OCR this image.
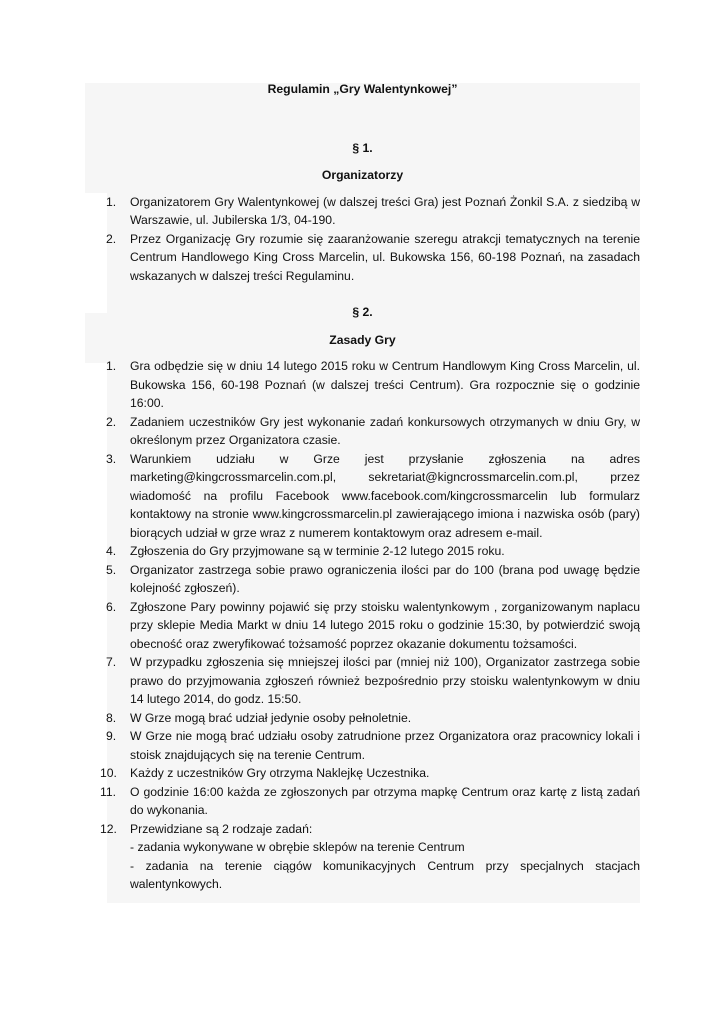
Regulamin „Gry Walentynkowej”
§ 1.
Organizatorzy
1. Organizatorem Gry Walentynkowej (w dalszej treści Gra) jest Poznań Żonkil S.A. z siedzibą w Warszawie, ul. Jubilerska 1/3, 04-190.
2. Przez Organizację Gry rozumie się zaaranżowanie szeregu atrakcji tematycznych na terenie Centrum Handlowego King Cross Marcelin, ul. Bukowska 156, 60-198 Poznań, na zasadach wskazanych w dalszej treści Regulaminu.
§ 2.
Zasady Gry
1. Gra odbędzie się w dniu 14 lutego 2015 roku w Centrum Handlowym King Cross Marcelin, ul. Bukowska 156, 60-198 Poznań (w dalszej treści Centrum). Gra rozpocznie się o godzinie 16:00.
2. Zadaniem uczestników Gry jest wykonanie zadań konkursowych otrzymanych w dniu Gry, w określonym przez Organizatora czasie.
3. Warunkiem udziału w Grze jest przysłanie zgłoszenia na adres marketing@kingcrossmarcelin.com.pl, sekretariat@kigncrossmarcelin.com.pl, przez wiadomość na profilu Facebook www.facebook.com/kingcrossmarcelin lub formularz kontaktowy na stronie www.kingcrossmarcelin.pl zawierającego imiona i nazwiska osób (pary) biorących udział w grze wraz z numerem kontaktowym oraz adresem e-mail.
4. Zgłoszenia do Gry przyjmowane są w terminie 2-12 lutego 2015 roku.
5. Organizator zastrzega sobie prawo ograniczenia ilości par do 100 (brana pod uwagę będzie kolejność zgłoszeń).
6. Zgłoszone Pary powinny pojawić się przy stoisku walentynkowym , zorganizowanym naplacu przy sklepie Media Markt w dniu 14 lutego 2015 roku o godzinie 15:30, by potwierdzić swoją obecność oraz zweryfikować tożsamość poprzez okazanie dokumentu tożsamości.
7. W przypadku zgłoszenia się mniejszej ilości par (mniej niż 100), Organizator zastrzega sobie prawo do przyjmowania zgłoszeń również bezpośrednio przy stoisku walentynkowym w dniu 14 lutego 2014, do godz. 15:50.
8. W Grze mogą brać udział jedynie osoby pełnoletnie.
9. W Grze nie mogą brać udziału osoby zatrudnione przez Organizatora oraz pracownicy lokali i stoisk znajdujących się na terenie Centrum.
10. Każdy z uczestników Gry otrzyma Naklejkę Uczestnika.
11. O godzinie 16:00 każda ze zgłoszonych par otrzyma mapkę Centrum oraz kartę z listą zadań do wykonania.
12. Przewidziane są 2 rodzaje zadań:
- zadania wykonywane w obrębie sklepów na terenie Centrum
- zadania na terenie ciągów komunikacyjnych Centrum przy specjalnych stacjach walentynkowych.
